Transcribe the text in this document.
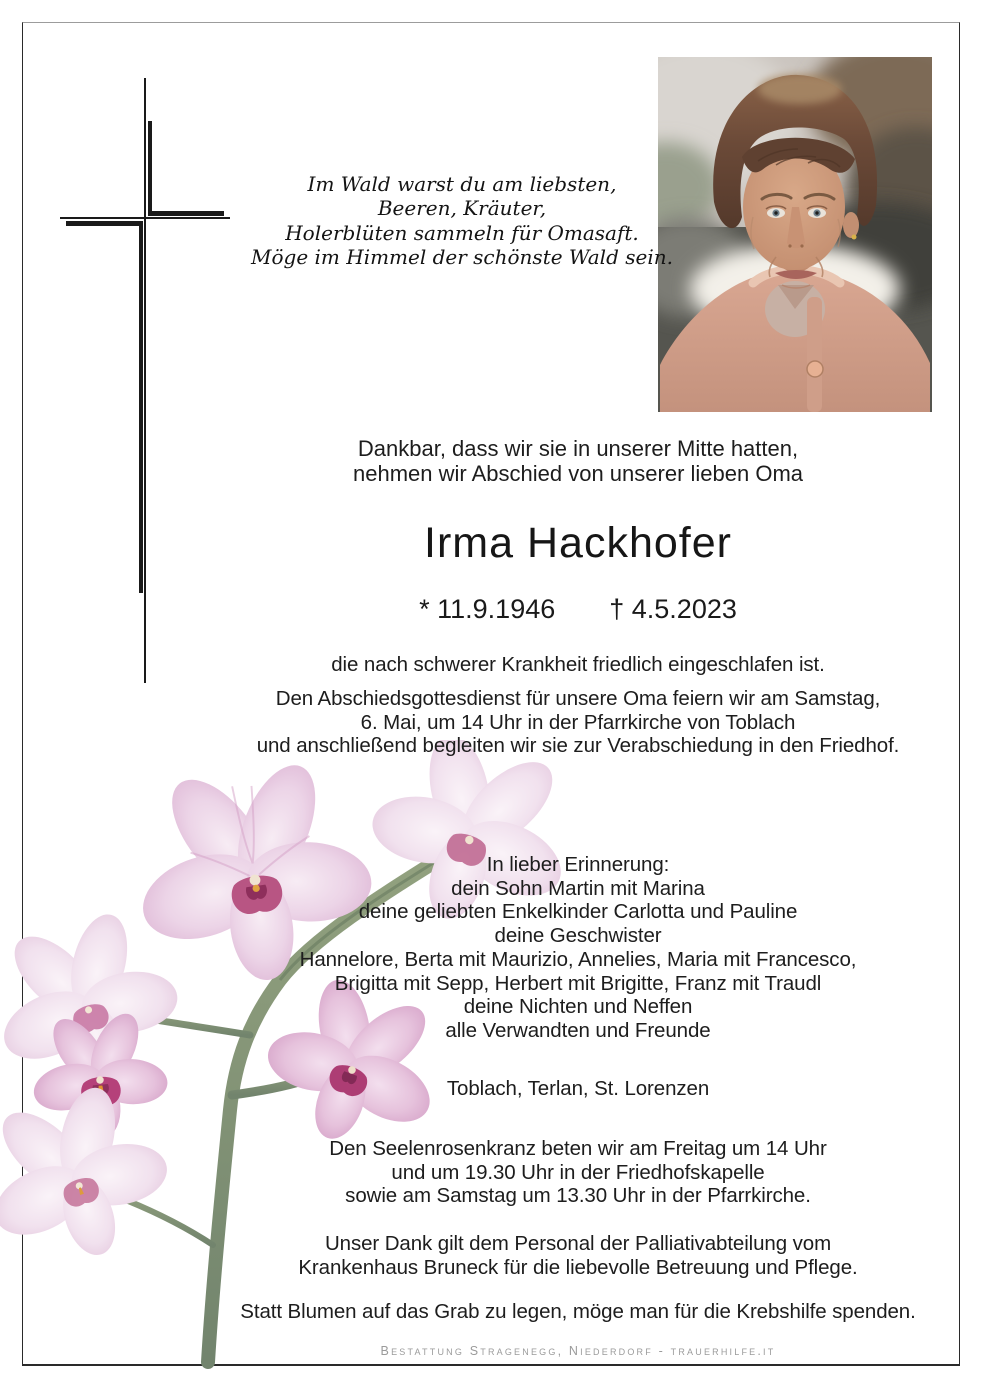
Im Wald warst du am liebsten,
Beeren, Kräuter,
Holerblüten sammeln für Omasaft.
Möge im Himmel der schönste Wald sein.
Dankbar, dass wir sie in unserer Mitte hatten,
nehmen wir Abschied von unserer lieben Oma
Irma Hackhofer
* 11.9.1946 † 4.5.2023
die nach schwerer Krankheit friedlich eingeschlafen ist.
Den Abschiedsgottesdienst für unsere Oma feiern wir am Samstag,
6. Mai, um 14 Uhr in der Pfarrkirche von Toblach
und anschließend begleiten wir sie zur Verabschiedung in den Friedhof.
In lieber Erinnerung:
dein Sohn Martin mit Marina
deine geliebten Enkelkinder Carlotta und Pauline
deine Geschwister
Hannelore, Berta mit Maurizio, Annelies, Maria mit Francesco,
Brigitta mit Sepp, Herbert mit Brigitte, Franz mit Traudl
deine Nichten und Neffen
alle Verwandten und Freunde
Toblach, Terlan, St. Lorenzen
Den Seelenrosenkranz beten wir am Freitag um 14 Uhr
und um 19.30 Uhr in der Friedhofskapelle
sowie am Samstag um 13.30 Uhr in der Pfarrkirche.
Unser Dank gilt dem Personal der Palliativabteilung vom
Krankenhaus Bruneck für die liebevolle Betreuung und Pflege.
Statt Blumen auf das Grab zu legen, möge man für die Krebshilfe spenden.
Bestattung Stragenegg, Niederdorf - trauerhilfe.it
